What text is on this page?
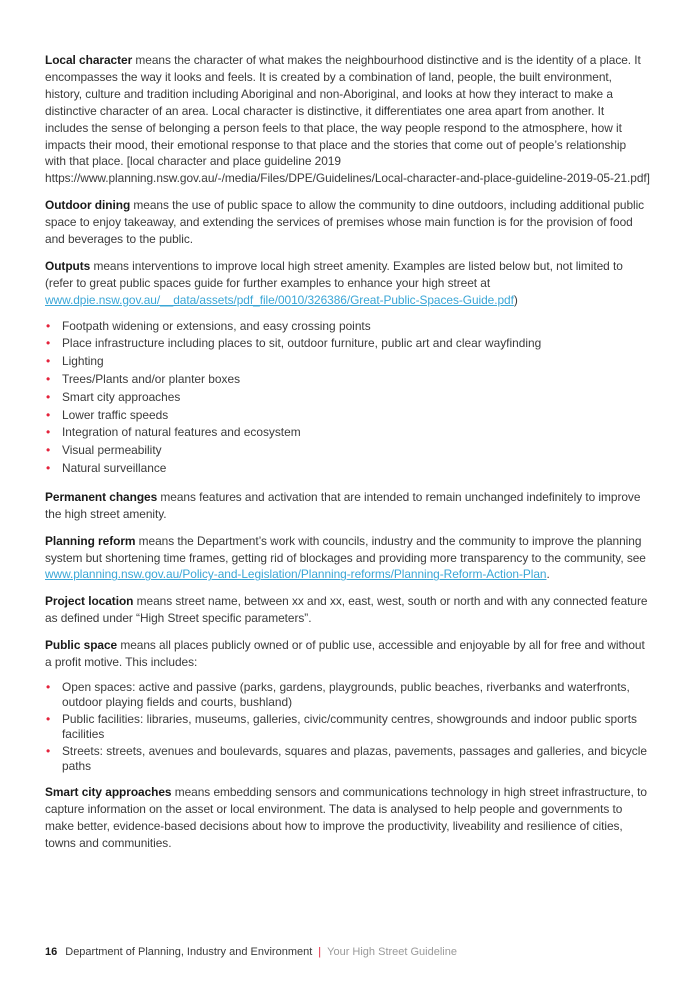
Local character means the character of what makes the neighbourhood distinctive and is the identity of a place. It encompasses the way it looks and feels. It is created by a combination of land, people, the built environment, history, culture and tradition including Aboriginal and non-Aboriginal, and looks at how they interact to make a distinctive character of an area. Local character is distinctive, it differentiates one area apart from another. It includes the sense of belonging a person feels to that place, the way people respond to the atmosphere, how it impacts their mood, their emotional response to that place and the stories that come out of people’s relationship with that place. [local character and place guideline 2019 https://www.planning.nsw.gov.au/-/media/Files/DPE/Guidelines/Local-character-and-place-guideline-2019-05-21.pdf]

Outdoor dining means the use of public space to allow the community to dine outdoors, including additional public space to enjoy takeaway, and extending the services of premises whose main function is for the provision of food and beverages to the public.

Outputs means interventions to improve local high street amenity. Examples are listed below but, not limited to (refer to great public spaces guide for further examples to enhance your high street at www.dpie.nsw.gov.au/__data/assets/pdf_file/0010/326386/Great-Public-Spaces-Guide.pdf)

• Footpath widening or extensions, and easy crossing points
• Place infrastructure including places to sit, outdoor furniture, public art and clear wayfinding
• Lighting
• Trees/Plants and/or planter boxes
• Smart city approaches
• Lower traffic speeds
• Integration of natural features and ecosystem
• Visual permeability
• Natural surveillance

Permanent changes means features and activation that are intended to remain unchanged indefinitely to improve the high street amenity.

Planning reform means the Department’s work with councils, industry and the community to improve the planning system but shortening time frames, getting rid of blockages and providing more transparency to the community, see www.planning.nsw.gov.au/Policy-and-Legislation/Planning-reforms/Planning-Reform-Action-Plan.

Project location means street name, between xx and xx, east, west, south or north and with any connected feature as defined under “High Street specific parameters”.

Public space means all places publicly owned or of public use, accessible and enjoyable by all for free and without a profit motive. This includes:

• Open spaces: active and passive (parks, gardens, playgrounds, public beaches, riverbanks and waterfronts, outdoor playing fields and courts, bushland)
• Public facilities: libraries, museums, galleries, civic/community centres, showgrounds and indoor public sports facilities
• Streets: streets, avenues and boulevards, squares and plazas, pavements, passages and galleries, and bicycle paths

Smart city approaches means embedding sensors and communications technology in high street infrastructure, to capture information on the asset or local environment. The data is analysed to help people and governments to make better, evidence-based decisions about how to improve the productivity, liveability and resilience of cities, towns and communities.

16 Department of Planning, Industry and Environment | Your High Street Guideline
